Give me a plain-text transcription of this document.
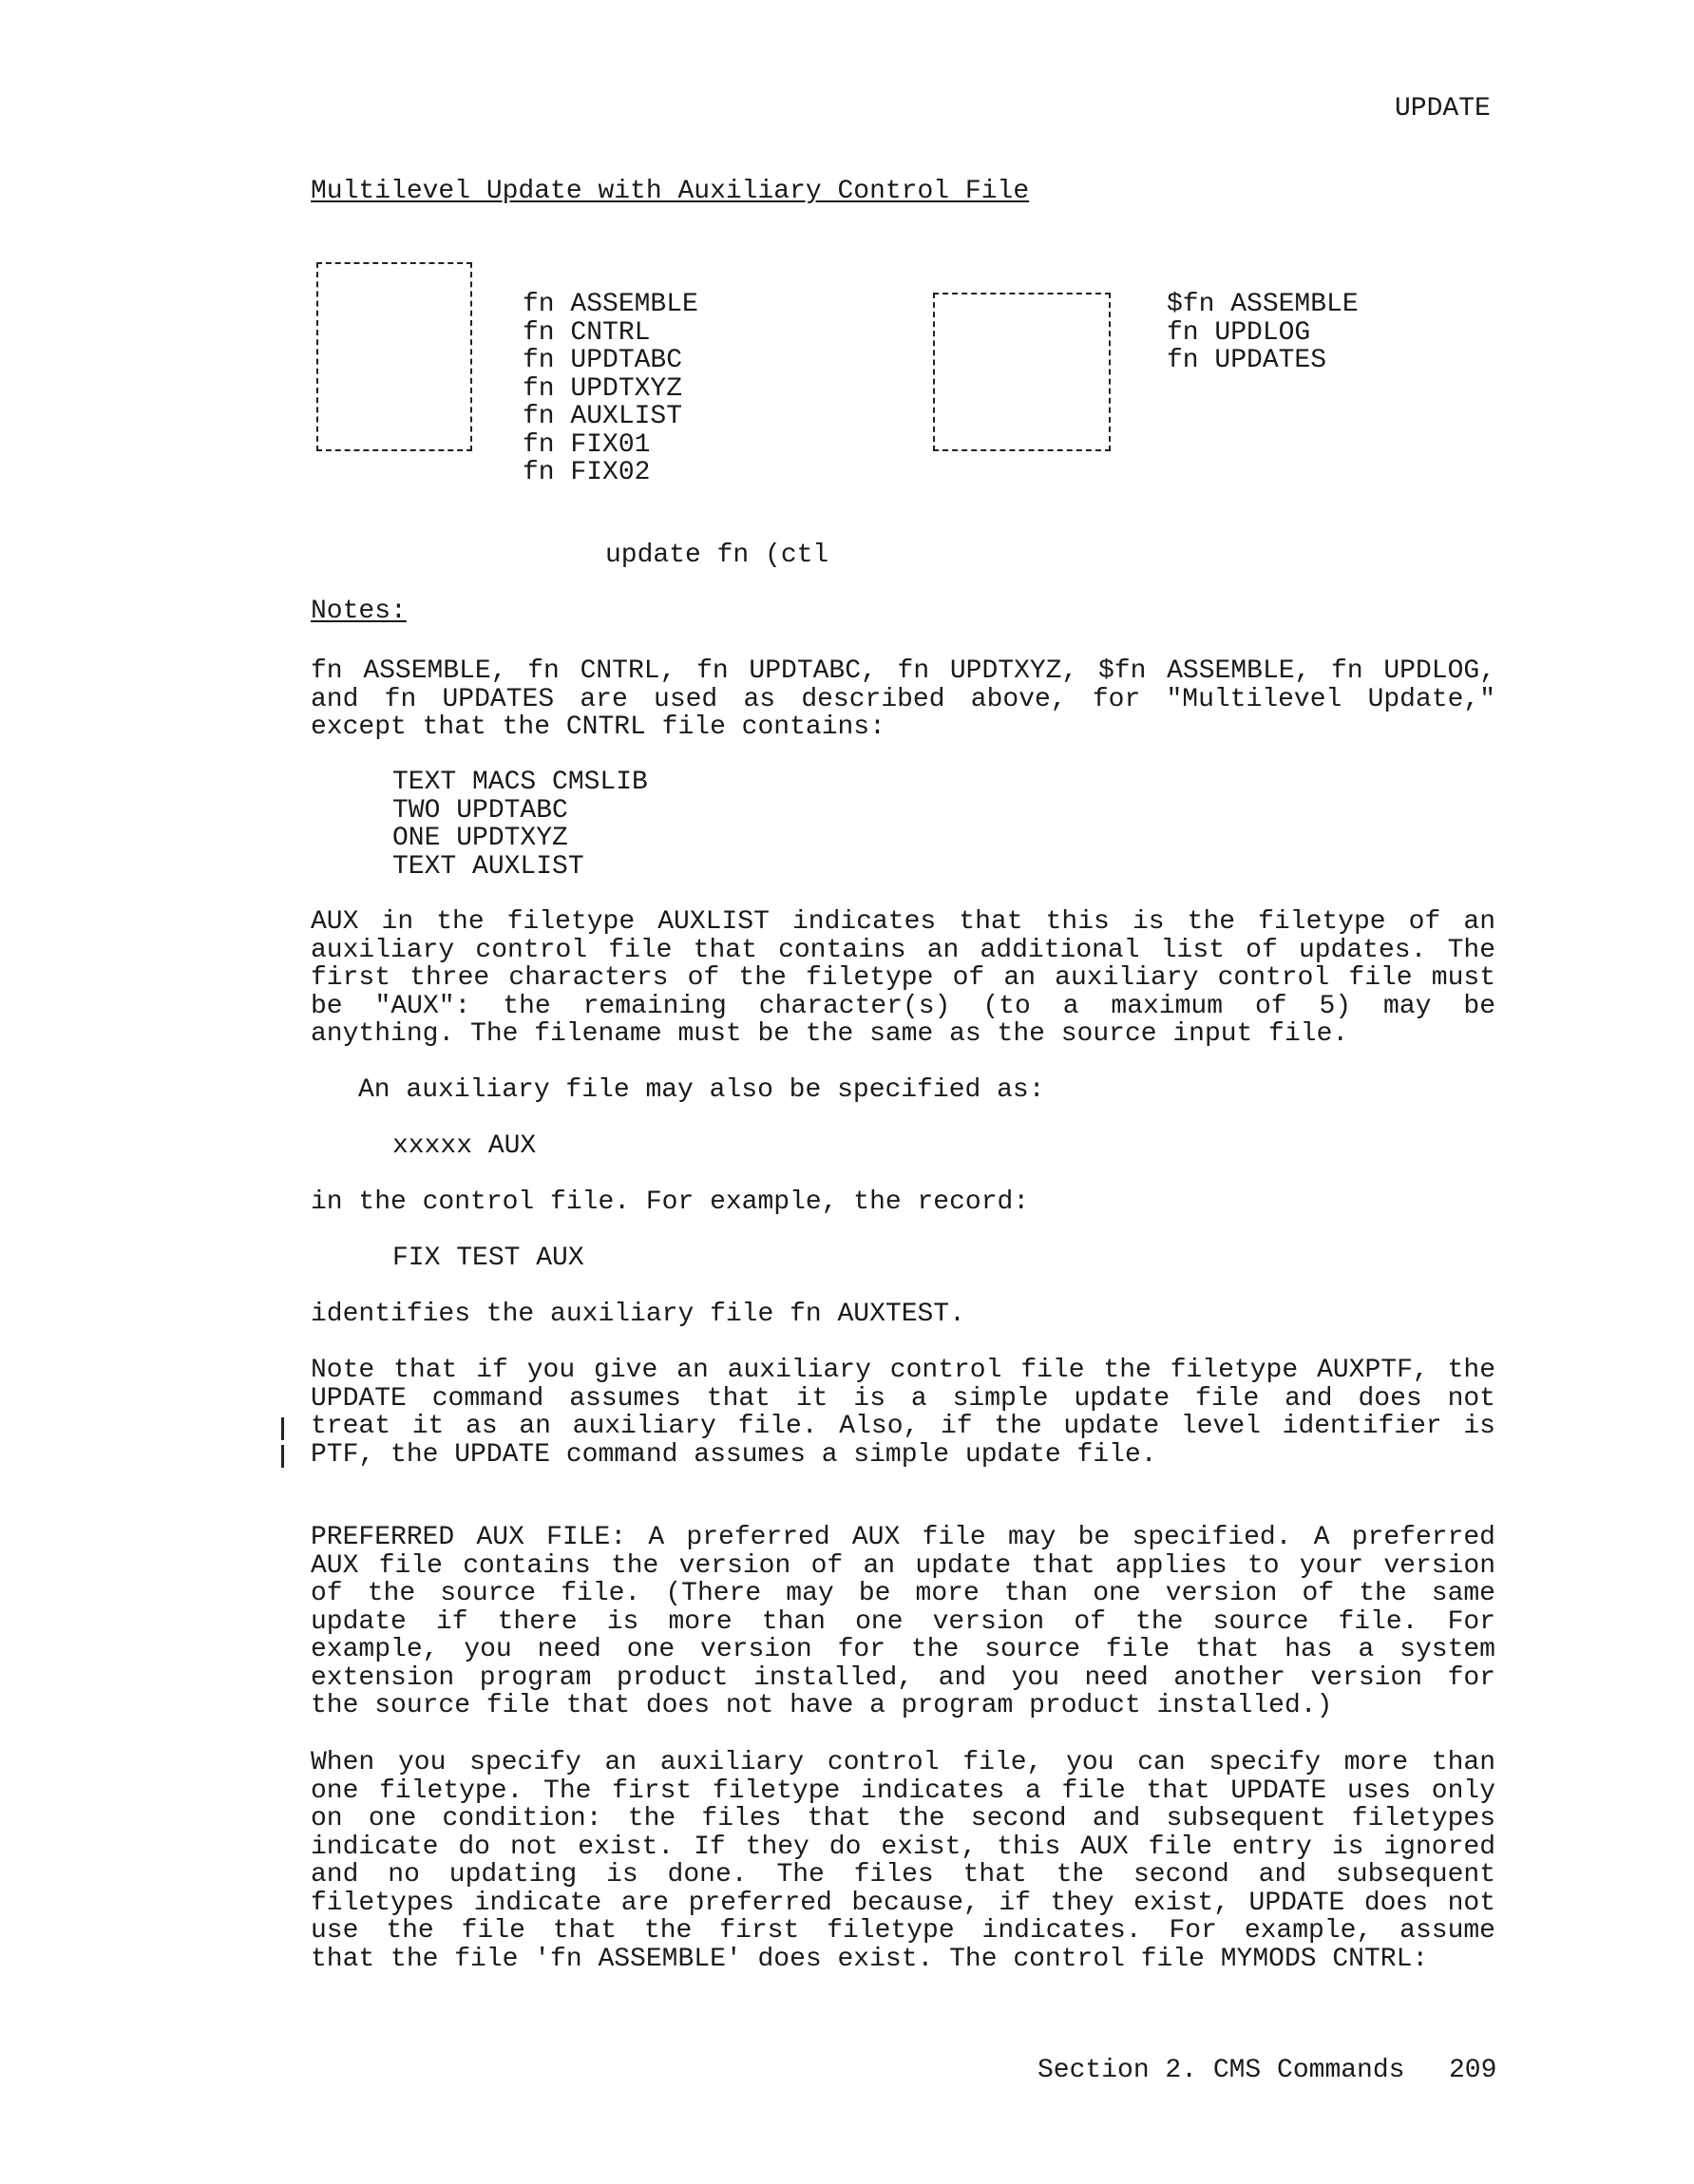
UPDATE
Multilevel Update with Auxiliary Control File
fn ASSEMBLE
fn CNTRL
fn UPDTABC
fn UPDTXYZ
fn AUXLIST
fn FIX01
fn FIX02
$fn ASSEMBLE
fn UPDLOG
fn UPDATES
update fn (ctl
Notes:
fn ASSEMBLE, fn CNTRL, fn UPDTABC, fn UPDTXYZ, $fn ASSEMBLE, fn UPDLOG,
and fn UPDATES are used as described above, for "Multilevel Update,"
except that the CNTRL file contains:
TEXT MACS CMSLIB
TWO UPDTABC
ONE UPDTXYZ
TEXT AUXLIST
AUX in the filetype AUXLIST indicates that this is the filetype of an
auxiliary control file that contains an additional list of updates. The
first three characters of the filetype of an auxiliary control file must
be "AUX": the remaining character(s) (to a maximum of 5) may be
anything. The filename must be the same as the source input file.
An auxiliary file may also be specified as:
xxxxx AUX
in the control file. For example, the record:
FIX TEST AUX
identifies the auxiliary file fn AUXTEST.
Note that if you give an auxiliary control file the filetype AUXPTF, the
UPDATE command assumes that it is a simple update file and does not
treat it as an auxiliary file. Also, if the update level identifier is
PTF, the UPDATE command assumes a simple update file.
PREFERRED AUX FILE: A preferred AUX file may be specified. A preferred
AUX file contains the version of an update that applies to your version
of the source file. (There may be more than one version of the same
update if there is more than one version of the source file. For
example, you need one version for the source file that has a system
extension program product installed, and you need another version for
the source file that does not have a program product installed.)
When you specify an auxiliary control file, you can specify more than
one filetype. The first filetype indicates a file that UPDATE uses only
on one condition: the files that the second and subsequent filetypes
indicate do not exist. If they do exist, this AUX file entry is ignored
and no updating is done. The files that the second and subsequent
filetypes indicate are preferred because, if they exist, UPDATE does not
use the file that the first filetype indicates. For example, assume
that the file 'fn ASSEMBLE' does exist. The control file MYMODS CNTRL:
Section 2. CMS Commands 209
